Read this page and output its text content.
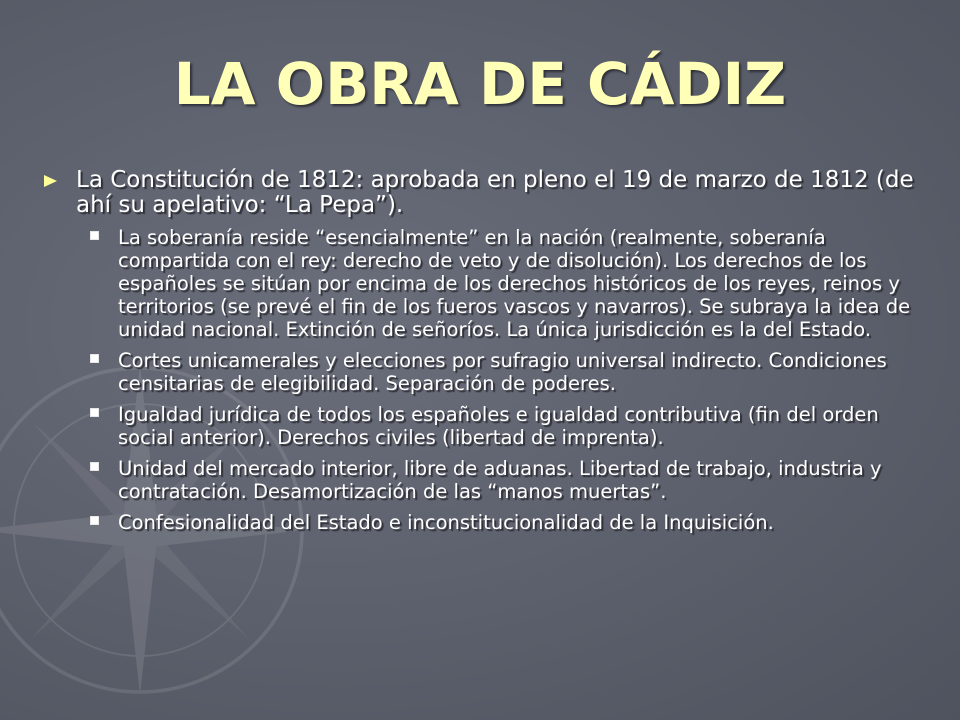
LA OBRA DE CÁDIZ
La Constitución de 1812: aprobada en pleno el 19 de marzo de 1812 (de ahí su apelativo: “La Pepa”).
La soberanía reside “esencialmente” en la nación (realmente, soberanía compartida con el rey: derecho de veto y de disolución). Los derechos de los españoles se sitúan por encima de los derechos históricos de los reyes, reinos y territorios (se prevé el fin de los fueros vascos y navarros). Se subraya la idea de unidad nacional. Extinción de señoríos. La única jurisdicción es la del Estado.
Cortes unicamerales y elecciones por sufragio universal indirecto. Condiciones censitarias de elegibilidad. Separación de poderes.
Igualdad jurídica de todos los españoles e igualdad contributiva (fin del orden social anterior). Derechos civiles (libertad de imprenta).
Unidad del mercado interior, libre de aduanas. Libertad de trabajo, industria y contratación. Desamortización de las “manos muertas”.
Confesionalidad del Estado e inconstitucionalidad de la Inquisición.
